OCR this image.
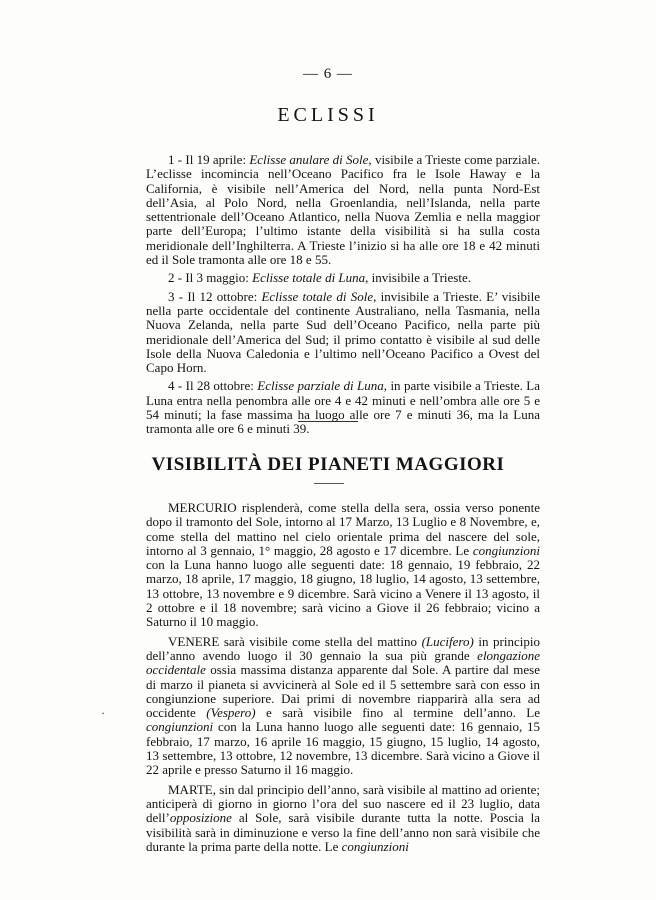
— 6 —
ECLISSI

1 - Il 19 aprile: Eclisse anulare di Sole, visibile a Trieste come parziale. L’eclisse incomincia nell’Oceano Pacifico fra le Isole Haway e la California, è visibile nell’America del Nord, nella punta Nord-Est dell’Asia, al Polo Nord, nella Groenlandia, nell’Islanda, nella parte settentrionale dell’Oceano Atlantico, nella Nuova Zemlia e nella maggior parte dell’Europa; l’ultimo istante della visibilità si ha sulla costa meridionale dell’Inghilterra. A Trieste l’inizio si ha alle ore 18 e 42 minuti ed il Sole tramonta alle ore 18 e 55.

2 - Il 3 maggio: Eclisse totale di Luna, invisibile a Trieste.

3 - Il 12 ottobre: Eclisse totale di Sole, invisibile a Trieste. E’ visibile nella parte occidentale del continente Australiano, nella Tasmania, nella Nuova Zelanda, nella parte Sud dell’Oceano Pacifico, nella parte più meridionale dell’America del Sud; il primo contatto è visibile al sud delle Isole della Nuova Caledonia e l’ultimo nell’Oceano Pacifico a Ovest del Capo Horn.

4 - Il 28 ottobre: Eclisse parziale di Luna, in parte visibile a Trieste. La Luna entra nella penombra alle ore 4 e 42 minuti e nell’ombra alle ore 5 e 54 minuti; la fase massima ha luogo alle ore 7 e minuti 36, ma la Luna tramonta alle ore 6 e minuti 39.

VISIBILITÀ DEI PIANETI MAGGIORI

MERCURIO risplenderà, come stella della sera, ossia verso ponente dopo il tramonto del Sole, intorno al 17 Marzo, 13 Luglio e 8 Novembre, e, come stella del mattino nel cielo orientale prima del nascere del sole, intorno al 3 gennaio, 1° maggio, 28 agosto e 17 dicembre. Le congiunzioni con la Luna hanno luogo alle seguenti date: 18 gennaio, 19 febbraio, 22 marzo, 18 aprile, 17 maggio, 18 giugno, 18 luglio, 14 agosto, 13 settembre, 13 ottobre, 13 novembre e 9 dicembre. Sarà vicino a Venere il 13 agosto, il 2 ottobre e il 18 novembre; sarà vicino a Giove il 26 febbraio; vicino a Saturno il 10 maggio.

VENERE sarà visibile come stella del mattino (Lucifero) in principio dell’anno avendo luogo il 30 gennaio la sua più grande elongazione occidentale ossia massima distanza apparente dal Sole. A partire dal mese di marzo il pianeta si avvicinerà al Sole ed il 5 settembre sarà con esso in congiunzione superiore. Dai primi di novembre riapparirà alla sera ad occidente (Vespero) e sarà visibile fino al termine dell’anno. Le congiunzioni con la Luna hanno luogo alle seguenti date: 16 gennaio, 15 febbraio, 17 marzo, 16 aprile 16 maggio, 15 giugno, 15 luglio, 14 agosto, 13 settembre, 13 ottobre, 12 novembre, 13 dicembre. Sarà vicino a Giove il 22 aprile e presso Saturno il 16 maggio.

MARTE, sin dal principio dell’anno, sarà visibile al mattino ad oriente; anticiperà di giorno in giorno l’ora del suo nascere ed il 23 luglio, data dell’opposizione al Sole, sarà visibile durante tutta la notte. Poscia la visibilità sarà in diminuzione e verso la fine dell’anno non sarà visibile che durante la prima parte della notte. Le congiunzioni

·
